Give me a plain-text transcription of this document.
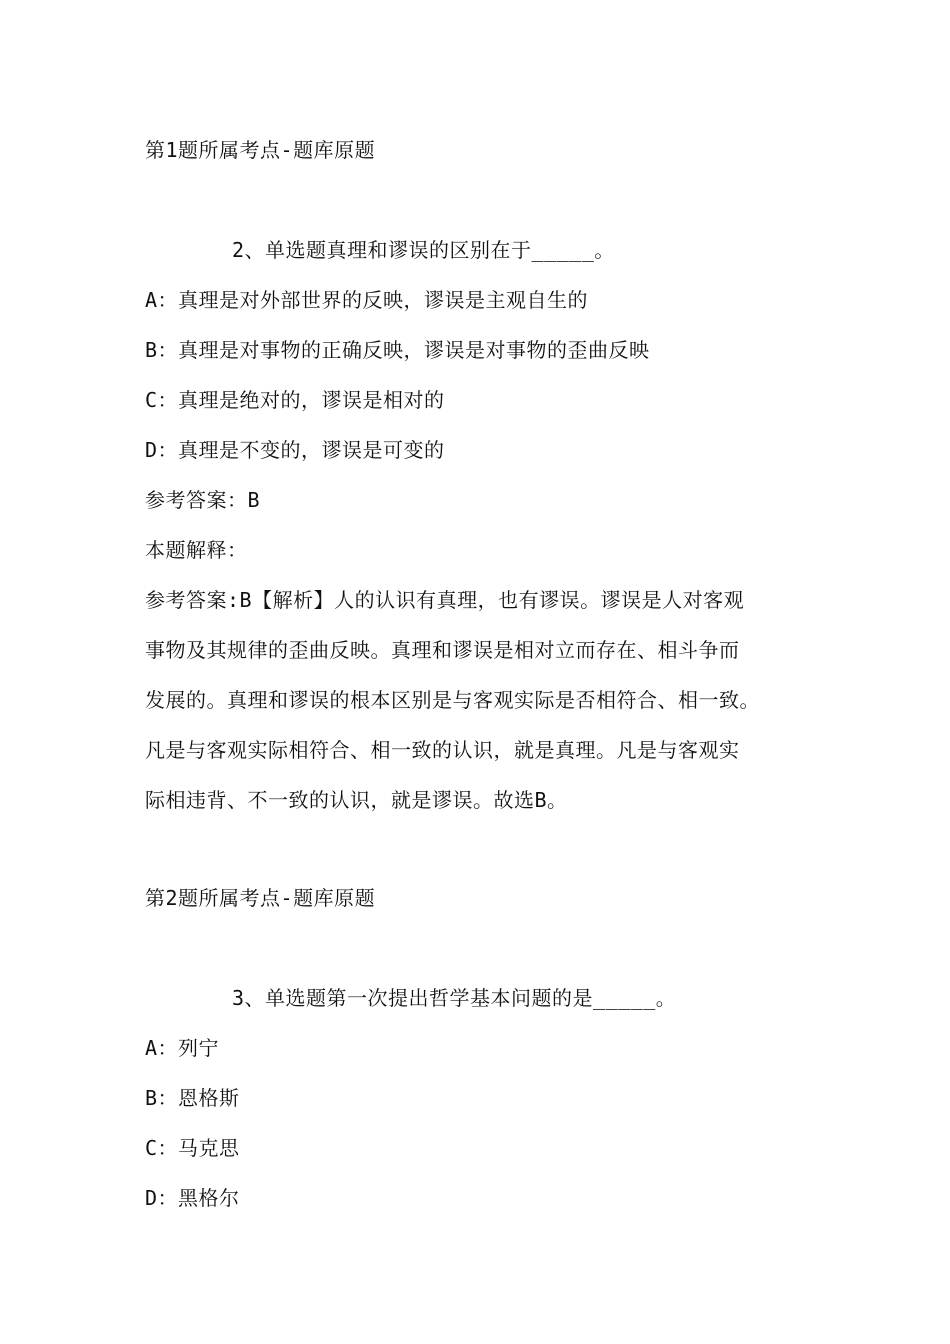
第1题所属考点-题库原题
2、单选题真理和谬误的区别在于_____。
A：真理是对外部世界的反映，谬误是主观自生的
B：真理是对事物的正确反映，谬误是对事物的歪曲反映
C：真理是绝对的，谬误是相对的
D：真理是不变的，谬误是可变的
参考答案：B
本题解释：
参考答案:B【解析】人的认识有真理，也有谬误。谬误是人对客观
事物及其规律的歪曲反映。真理和谬误是相对立而存在、相斗争而
发展的。真理和谬误的根本区别是与客观实际是否相符合、相一致。
凡是与客观实际相符合、相一致的认识，就是真理。凡是与客观实
际相违背、不一致的认识，就是谬误。故选B。
第2题所属考点-题库原题
3、单选题第一次提出哲学基本问题的是_____。
A：列宁
B：恩格斯
C：马克思
D：黑格尔
